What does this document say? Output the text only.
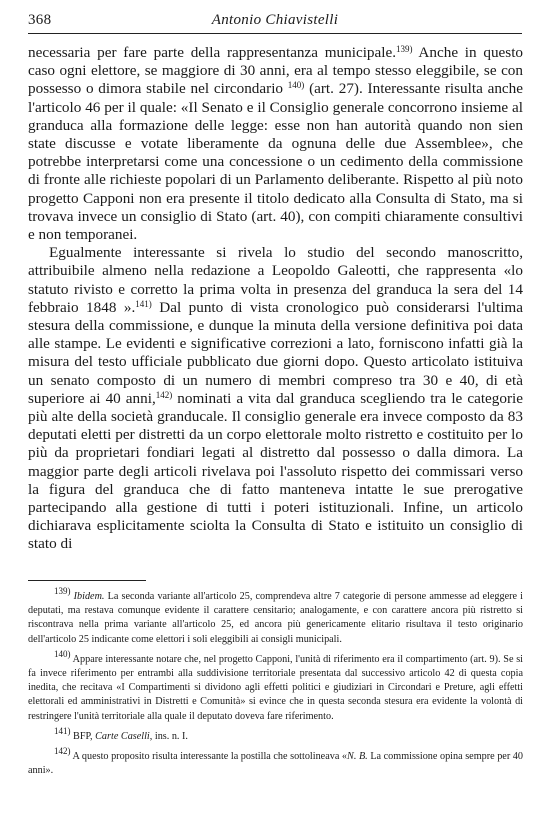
368	Antonio Chiavistelli

necessaria per fare parte della rappresentanza municipale.$^{139)}$ Anche in questo caso ogni elettore, se maggiore di 30 anni, era al tempo stesso eleggibile, se con possesso o dimora stabile nel circondario $^{140)}$ (art. 27). Interessante risulta anche l'articolo 46 per il quale: «Il Senato e il Consiglio generale concorrono insieme al granduca alla formazione delle legge: esse non han autorità quando non sien state discusse e votate liberamente da ognuna delle due Assemblee», che potrebbe interpretarsi come una concessione o un cedimento della commissione di fronte alle richieste popolari di un Parlamento deliberante. Rispetto al più noto progetto Capponi non era presente il titolo dedicato alla Consulta di Stato, ma si trovava invece un consiglio di Stato (art. 40), con compiti chiaramente consultivi e non temporanei.

Egualmente interessante si rivela lo studio del secondo manoscritto, attribuibile almeno nella redazione a Leopoldo Galeotti, che rappresenta «lo statuto rivisto e corretto la prima volta in presenza del granduca la sera del 14 febbraio 1848 ».$^{141)}$ Dal punto di vista cronologico può considerarsi l'ultima stesura della commissione, e dunque la minuta della versione definitiva poi data alle stampe. Le evidenti e significative correzioni a lato, forniscono infatti già la misura del testo ufficiale pubblicato due giorni dopo. Questo articolato istituiva un senato composto di un numero di membri compreso tra 30 e 40, di età superiore ai 40 anni,$^{142)}$ nominati a vita dal granduca scegliendo tra le categorie più alte della società granducale. Il consiglio generale era invece composto da 83 deputati eletti per distretti da un corpo elettorale molto ristretto e costituito per lo più da proprietari fondiari legati al distretto dal possesso o dalla dimora. La maggior parte degli articoli rivelava poi l'assoluto rispetto dei commissari verso la figura del granduca che di fatto manteneva intatte le sue prerogative partecipando alla gestione di tutti i poteri istituzionali. Infine, un articolo dichiarava esplicitamente sciolta la Consulta di Stato e istituito un consiglio di stato di

$^{139)}$ Ibidem. La seconda variante all'articolo 25, comprendeva altre 7 categorie di persone ammesse ad eleggere i deputati, ma restava comunque evidente il carattere censitario; analogamente, e con carattere ancora più ristretto si riscontrava nella prima variante all'articolo 25, ed ancora più genericamente elitario risultava il testo originario dell'articolo 25 indicante come elettori i soli eleggibili ai consigli municipali.

$^{140)}$ Appare interessante notare che, nel progetto Capponi, l'unità di riferimento era il compartimento (art. 9). Se si fa invece riferimento per entrambi alla suddivisione territoriale presentata dal successivo articolo 42 di questa copia inedita, che recitava «I Compartimenti si dividono agli effetti politici e giudiziari in Circondari e Preture, agli effetti elettorali ed amministrativi in Distretti e Comunità» si evince che in questa seconda stesura era evidente la volontà di restringere l'unità territoriale alla quale il deputato doveva fare riferimento.

$^{141)}$ BFP, Carte Caselli, ins. n. I.

$^{142)}$ A questo proposito risulta interessante la postilla che sottolineava «N. B. La commissione opina sempre per 40 anni».
